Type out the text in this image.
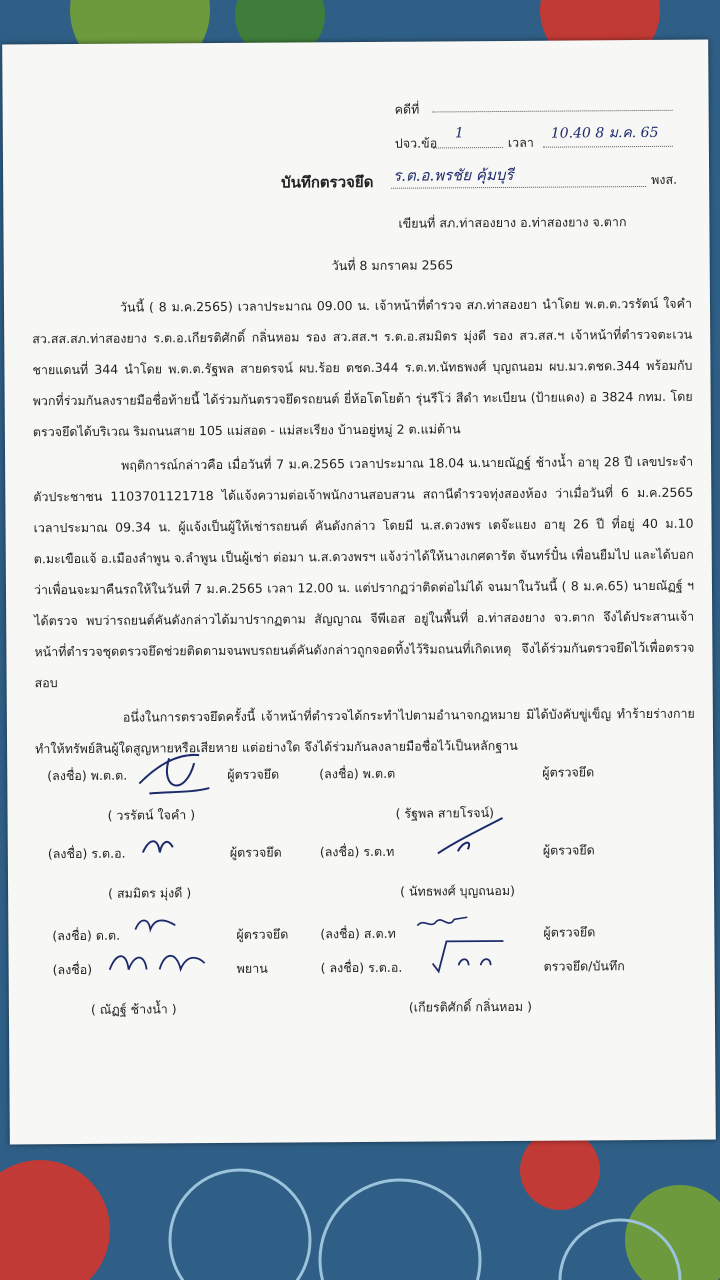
คดีที่
ปจว.ข้อ
1
เวลา
10.40 8 ม.ค. 65
บันทึกตรวจยึด ร.ต.อ.พรชัย คุ้มบุรี	พงส.
เขียนที่ สภ.ท่าสองยาง อ.ท่าสองยาง จ.ตาก
วันที่ 8 มกราคม 2565
วันนี้ ( 8 ม.ค.2565) เวลาประมาณ 09.00 น. เจ้าหน้าที่ตำรวจ สภ.ท่าสองยา นำโดย พ.ต.ต.วรรัตน์ ใจคำ สว.สส.สภ.ท่าสองยาง ร.ต.อ.เกียรติศักดิ์ กลิ่นหอม รอง สว.สส.ฯ ร.ต.อ.สมมิตร มุ่งดี รอง สว.สส.ฯ เจ้าหน้าที่ตำรวจตะเวนชายแดนที่ 344 นำโดย พ.ต.ต.รัฐพล สายดรจน์ ผบ.ร้อย ตชด.344 ร.ต.ท.นัทธพงศ์ บุญถนอม ผบ.มว.ตชด.344 พร้อมกับพวกที่ร่วมกันลงรายมือชื่อท้ายนี้ ได้ร่วมกันตรวจยึดรถยนต์ ยี่ห้อโตโยต้า รุ่นรีโว่ สีดำ ทะเบียน (ป้ายแดง) อ 3824 กทม. โดยตรวจยึดได้บริเวณ ริมถนนสาย 105 แม่สอด - แม่สะเรียง บ้านอยู่หมู่ 2 ต.แม่ต้าน
พฤติการณ์กล่าวคือ เมื่อวันที่ 7 ม.ค.2565 เวลาประมาณ 18.04 น.นายณัฏฐ์ ช้างน้ำ อายุ 28 ปี เลขประจำตัวประชาชน 1103701121718 ได้แจ้งความต่อเจ้าพนักงานสอบสวน สถานีตำรวจทุ่งสองห้อง ว่าเมื่อวันที่ 6 ม.ค.2565 เวลาประมาณ 09.34 น. ผู้แจ้งเป็นผู้ให้เช่ารถยนต์ คันดังกล่าว โดยมี น.ส.ดวงพร เตจ๊ะแยง อายุ 26 ปี ที่อยู่ 40 ม.10 ต.มะเขือแจ้ อ.เมืองลำพูน จ.ลำพูน เป็นผู้เช่า ต่อมา น.ส.ดวงพรฯ แจ้งว่าได้ให้นางเกศดารัต จันทร์ปั๋น เพื่อนยืมไป และได้บอกว่าเพื่อนจะมาคืนรถให้ในวันที่ 7 ม.ค.2565 เวลา 12.00 น. แต่ปรากฏว่าติดต่อไม่ได้ จนมาในวันนี้ ( 8 ม.ค.65) นายณัฏฐ์ ฯ ได้ตรวจ พบว่ารถยนต์คันดังกล่าวได้มาปรากฏตาม สัญญาณ จีพีเอส อยู่ในพื้นที่ อ.ท่าสองยาง จว.ตาก จึงได้ประสานเจ้าหน้าที่ตำรวจชุดตรวจยึดช่วยติดตามจนพบรถยนต์คันดังกล่าวถูกจอดทิ้งไว้ริมถนนที่เกิดเหตุ จึงได้ร่วมกันตรวจยึดไว้เพื่อตรวจสอบ
อนึ่งในการตรวจยึดครั้งนี้ เจ้าหน้าที่ตำรวจได้กระทำไปตามอำนาจกฎหมาย มิได้บังคับขู่เข็ญ ทำร้ายร่างกาย ทำให้ทรัพย์สินผู้ใดสูญหายหรือเสียหาย แต่อย่างใด จึงได้ร่วมกันลงลายมือชื่อไว้เป็นหลักฐาน
(ลงชื่อ) พ.ต.ต.	ผู้ตรวจยึด
( วรรัตน์ ใจคำ )
(ลงชื่อ) พ.ต.ต	ผู้ตรวจยึด
( รัฐพล สายโรจน์)
(ลงชื่อ) ร.ต.อ.	ผู้ตรวจยึด
( สมมิตร มุ่งดี )
(ลงชื่อ) ร.ต.ท	ผู้ตรวจยึด
( นัทธพงศ์ บุญถนอม)
(ลงชื่อ) ด.ต.	ผู้ตรวจยึด	(ลงชื่อ) ส.ต.ท	ผู้ตรวจยึด
(ลงชื่อ)	พยาน
( ณัฏฐ์ ช้างน้ำ )
( ลงชื่อ) ร.ต.อ.	ตรวจยึด/บันทึก
(เกียรติศักดิ์ กลิ่นหอม )
